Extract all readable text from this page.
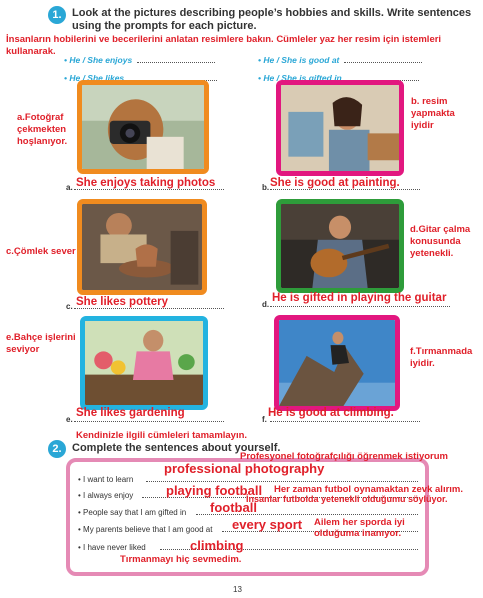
1. Look at the pictures describing people’s hobbies and skills. Write sentences using the prompts for each picture.
İnsanların hobilerini ve becerilerini anlatan resimlere bakın. Cümleler yaz her resim için istemleri kullanarak.
• He / She enjoys	• He / She is good at
• He / She likes	• He / She is gifted in
a.Fotoğraf çekmekten hoşlanıyor.
a. She enjoys taking photos
b. resim yapmakta iyidir
b. She is good at painting.
c.Çömlek sever
c. She likes pottery
d.Gitar çalma konusunda yetenekli.
d.
He is gifted in playing the guitar
e.Bahçe işlerini seviyor
e.
She likes gardening
f.Tırmanmada iyidir.
f.
He is good at climbing.
Kendinizle ilgili cümleleri tamamlayın.
2. Complete the sentences about yourself.
Profesyonel fotoğrafçılığı öğrenmek istiyorum
• I want to learn
professional photography
• I always enjoy	playing football Her zaman futbol oynamaktan zevk alırım.
İnsanlar futbolda yetenekli olduğumu söylüyor.
• People say that I am gifted in football
• My parents believe that I am good at every sport Ailem her sporda iyi olduğuma inanıyor.
• I have never liked	climbing
Tırmanmayı hiç sevmedim.
13
